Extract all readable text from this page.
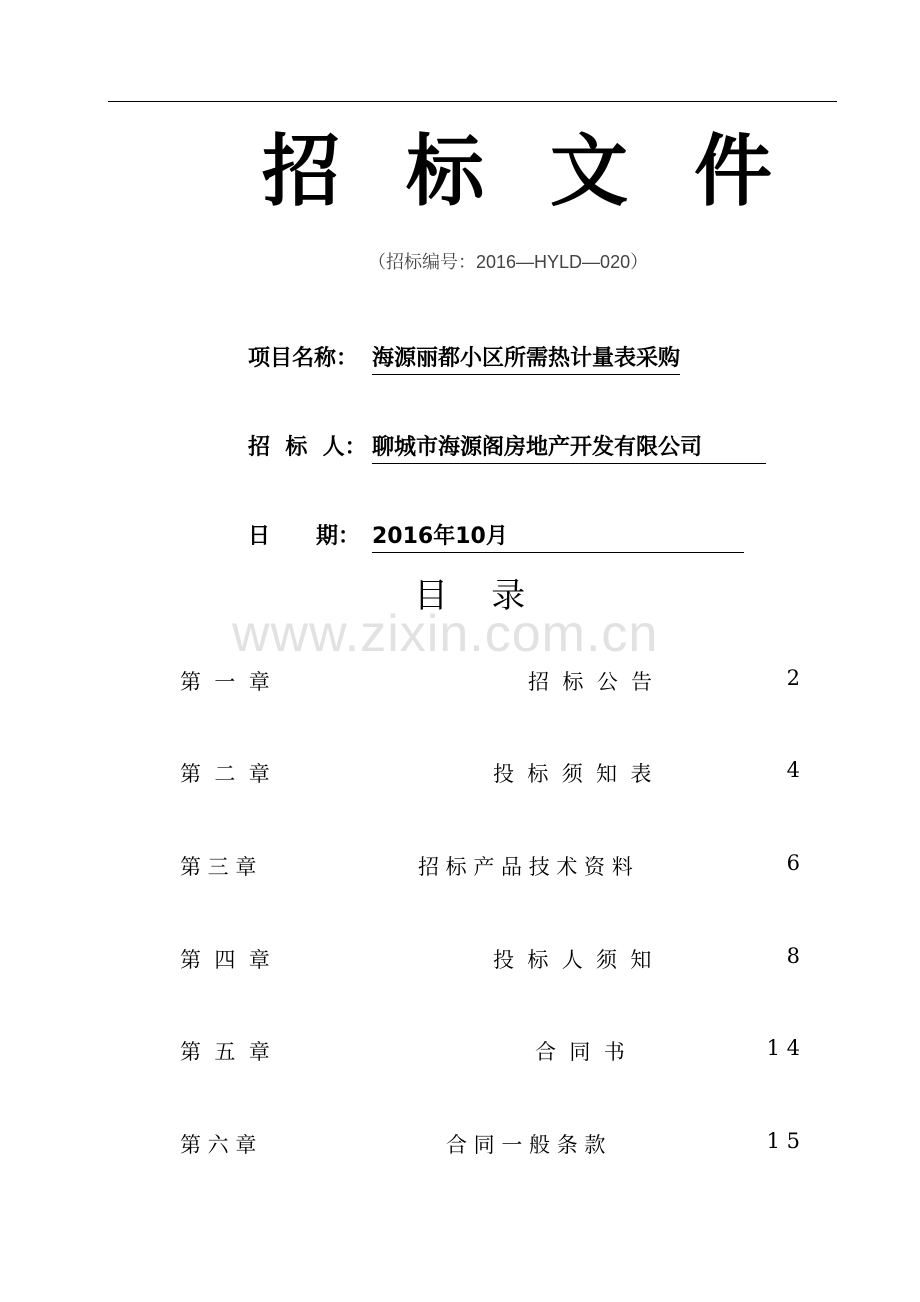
招 标 文 件
（招标编号：2016—HYLD—020）
项目名称： 海源丽都小区所需热计量表采购
招  标  人： 聊城市海源阁房地产开发有限公司
日      期： 2016年10月
目    录
www.zixin.com.cn
第  一  章	招  标  公  告	2
第  二  章	投  标  须  知  表	4
第 三 章	招 标 产 品 技 术 资 料	6
第  四  章	投  标  人  须  知	8
第  五  章	合  同  书	1 4
第 六 章	合 同 一 般 条 款	1 5
